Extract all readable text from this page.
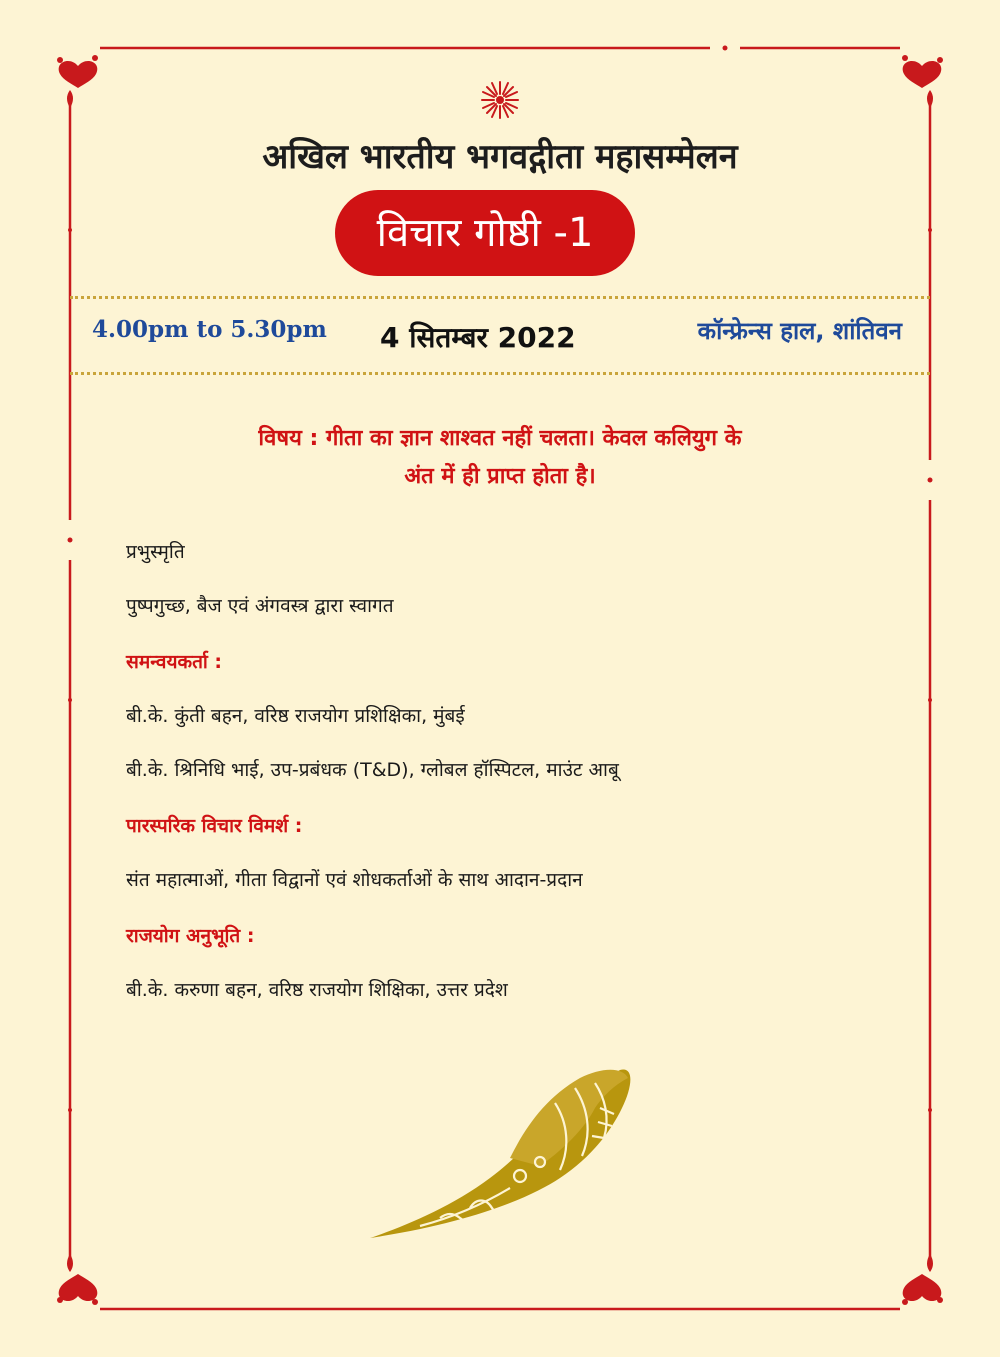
अखिल भारतीय भगवद्गीता महासम्मेलन
विचार गोष्ठी -1
4.00pm to 5.30pm 4 सितम्बर 2022	कॉन्फ्रेन्स हाल, शांतिवन
विषय : गीता का ज्ञान शाश्वत नहीं चलता। केवल कलियुग के
अंत में ही प्राप्त होता है।
प्रभुस्मृति
पुष्पगुच्छ, बैज एवं अंगवस्त्र द्वारा स्वागत
समन्वयकर्ता :
बी.के. कुंती बहन, वरिष्ठ राजयोग प्रशिक्षिका, मुंबई
बी.के. श्रिनिधि भाई, उप-प्रबंधक (T&D), ग्लोबल हॉस्पिटल, माउंट आबू
पारस्परिक विचार विमर्श :
संत महात्माओं, गीता विद्वानों एवं शोधकर्ताओं के साथ आदान-प्रदान
राजयोग अनुभूति :
बी.के. करुणा बहन, वरिष्ठ राजयोग शिक्षिका, उत्तर प्रदेश
